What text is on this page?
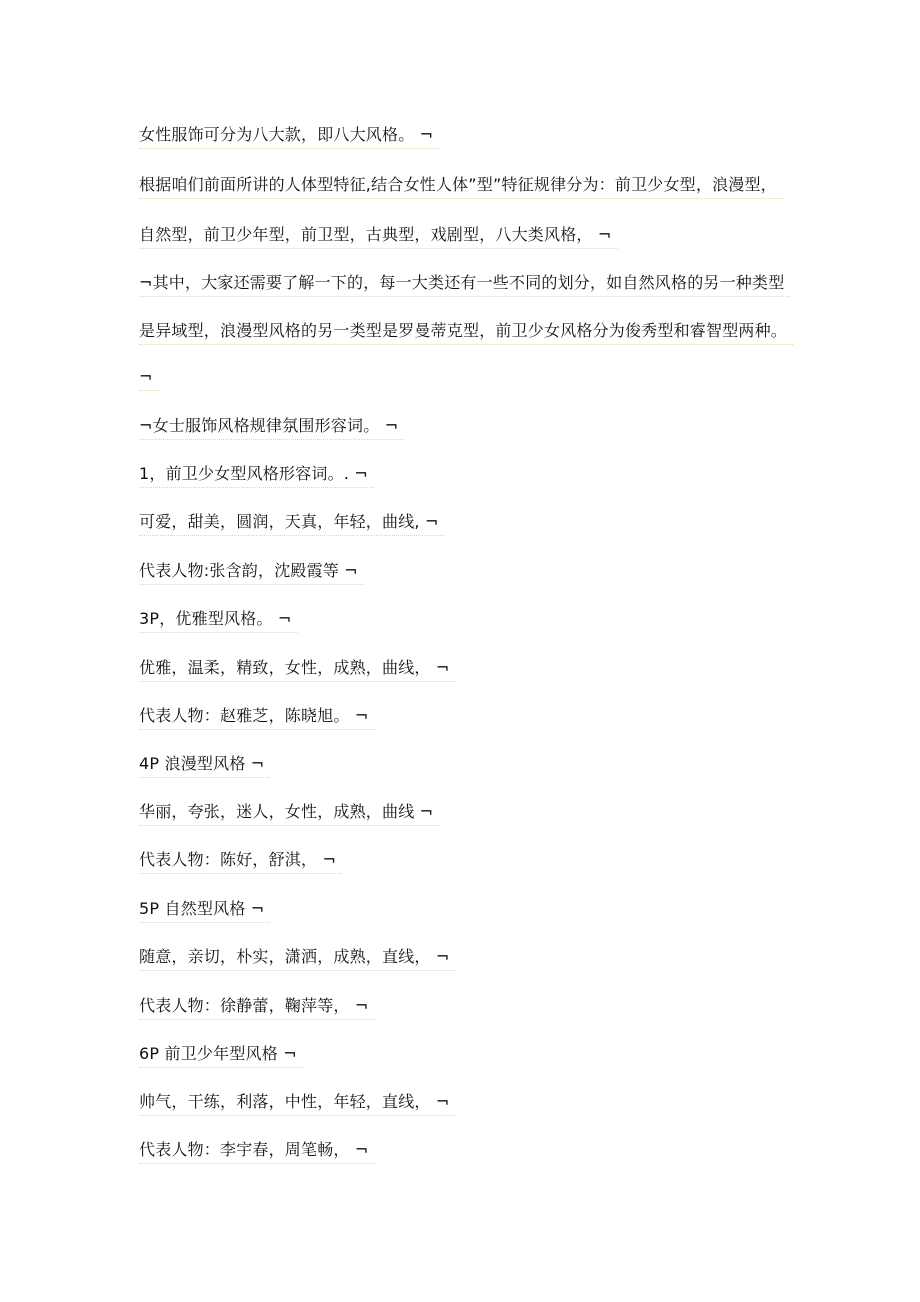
女性服饰可分为八大款，即八大风格。 ¬
根据咱们前面所讲的人体型特征,结合女性人体”型”特征规律分为：前卫少女型，浪漫型，
自然型，前卫少年型，前卫型，古典型，戏剧型，八大类风格， ¬
¬其中，大家还需要了解一下的，每一大类还有一些不同的划分，如自然风格的另一种类型
是异域型，浪漫型风格的另一类型是罗曼蒂克型，前卫少女风格分为俊秀型和睿智型两种。
¬
¬女士服饰风格规律氛围形容词。 ¬
1，前卫少女型风格形容词。. ¬
可爱，甜美，圆润，天真，年轻，曲线, ¬
代表人物:张含韵，沈殿霞等 ¬
3P，优雅型风格。 ¬
优雅，温柔，精致，女性，成熟，曲线， ¬
代表人物：赵雅芝，陈晓旭。 ¬
4P 浪漫型风格 ¬
华丽，夸张，迷人，女性，成熟，曲线 ¬
代表人物：陈好，舒淇， ¬
5P 自然型风格 ¬
随意，亲切，朴实，潇洒，成熟，直线， ¬
代表人物：徐静蕾，鞠萍等， ¬
6P 前卫少年型风格 ¬
帅气，干练，利落，中性，年轻，直线， ¬
代表人物：李宇春，周笔畅， ¬
